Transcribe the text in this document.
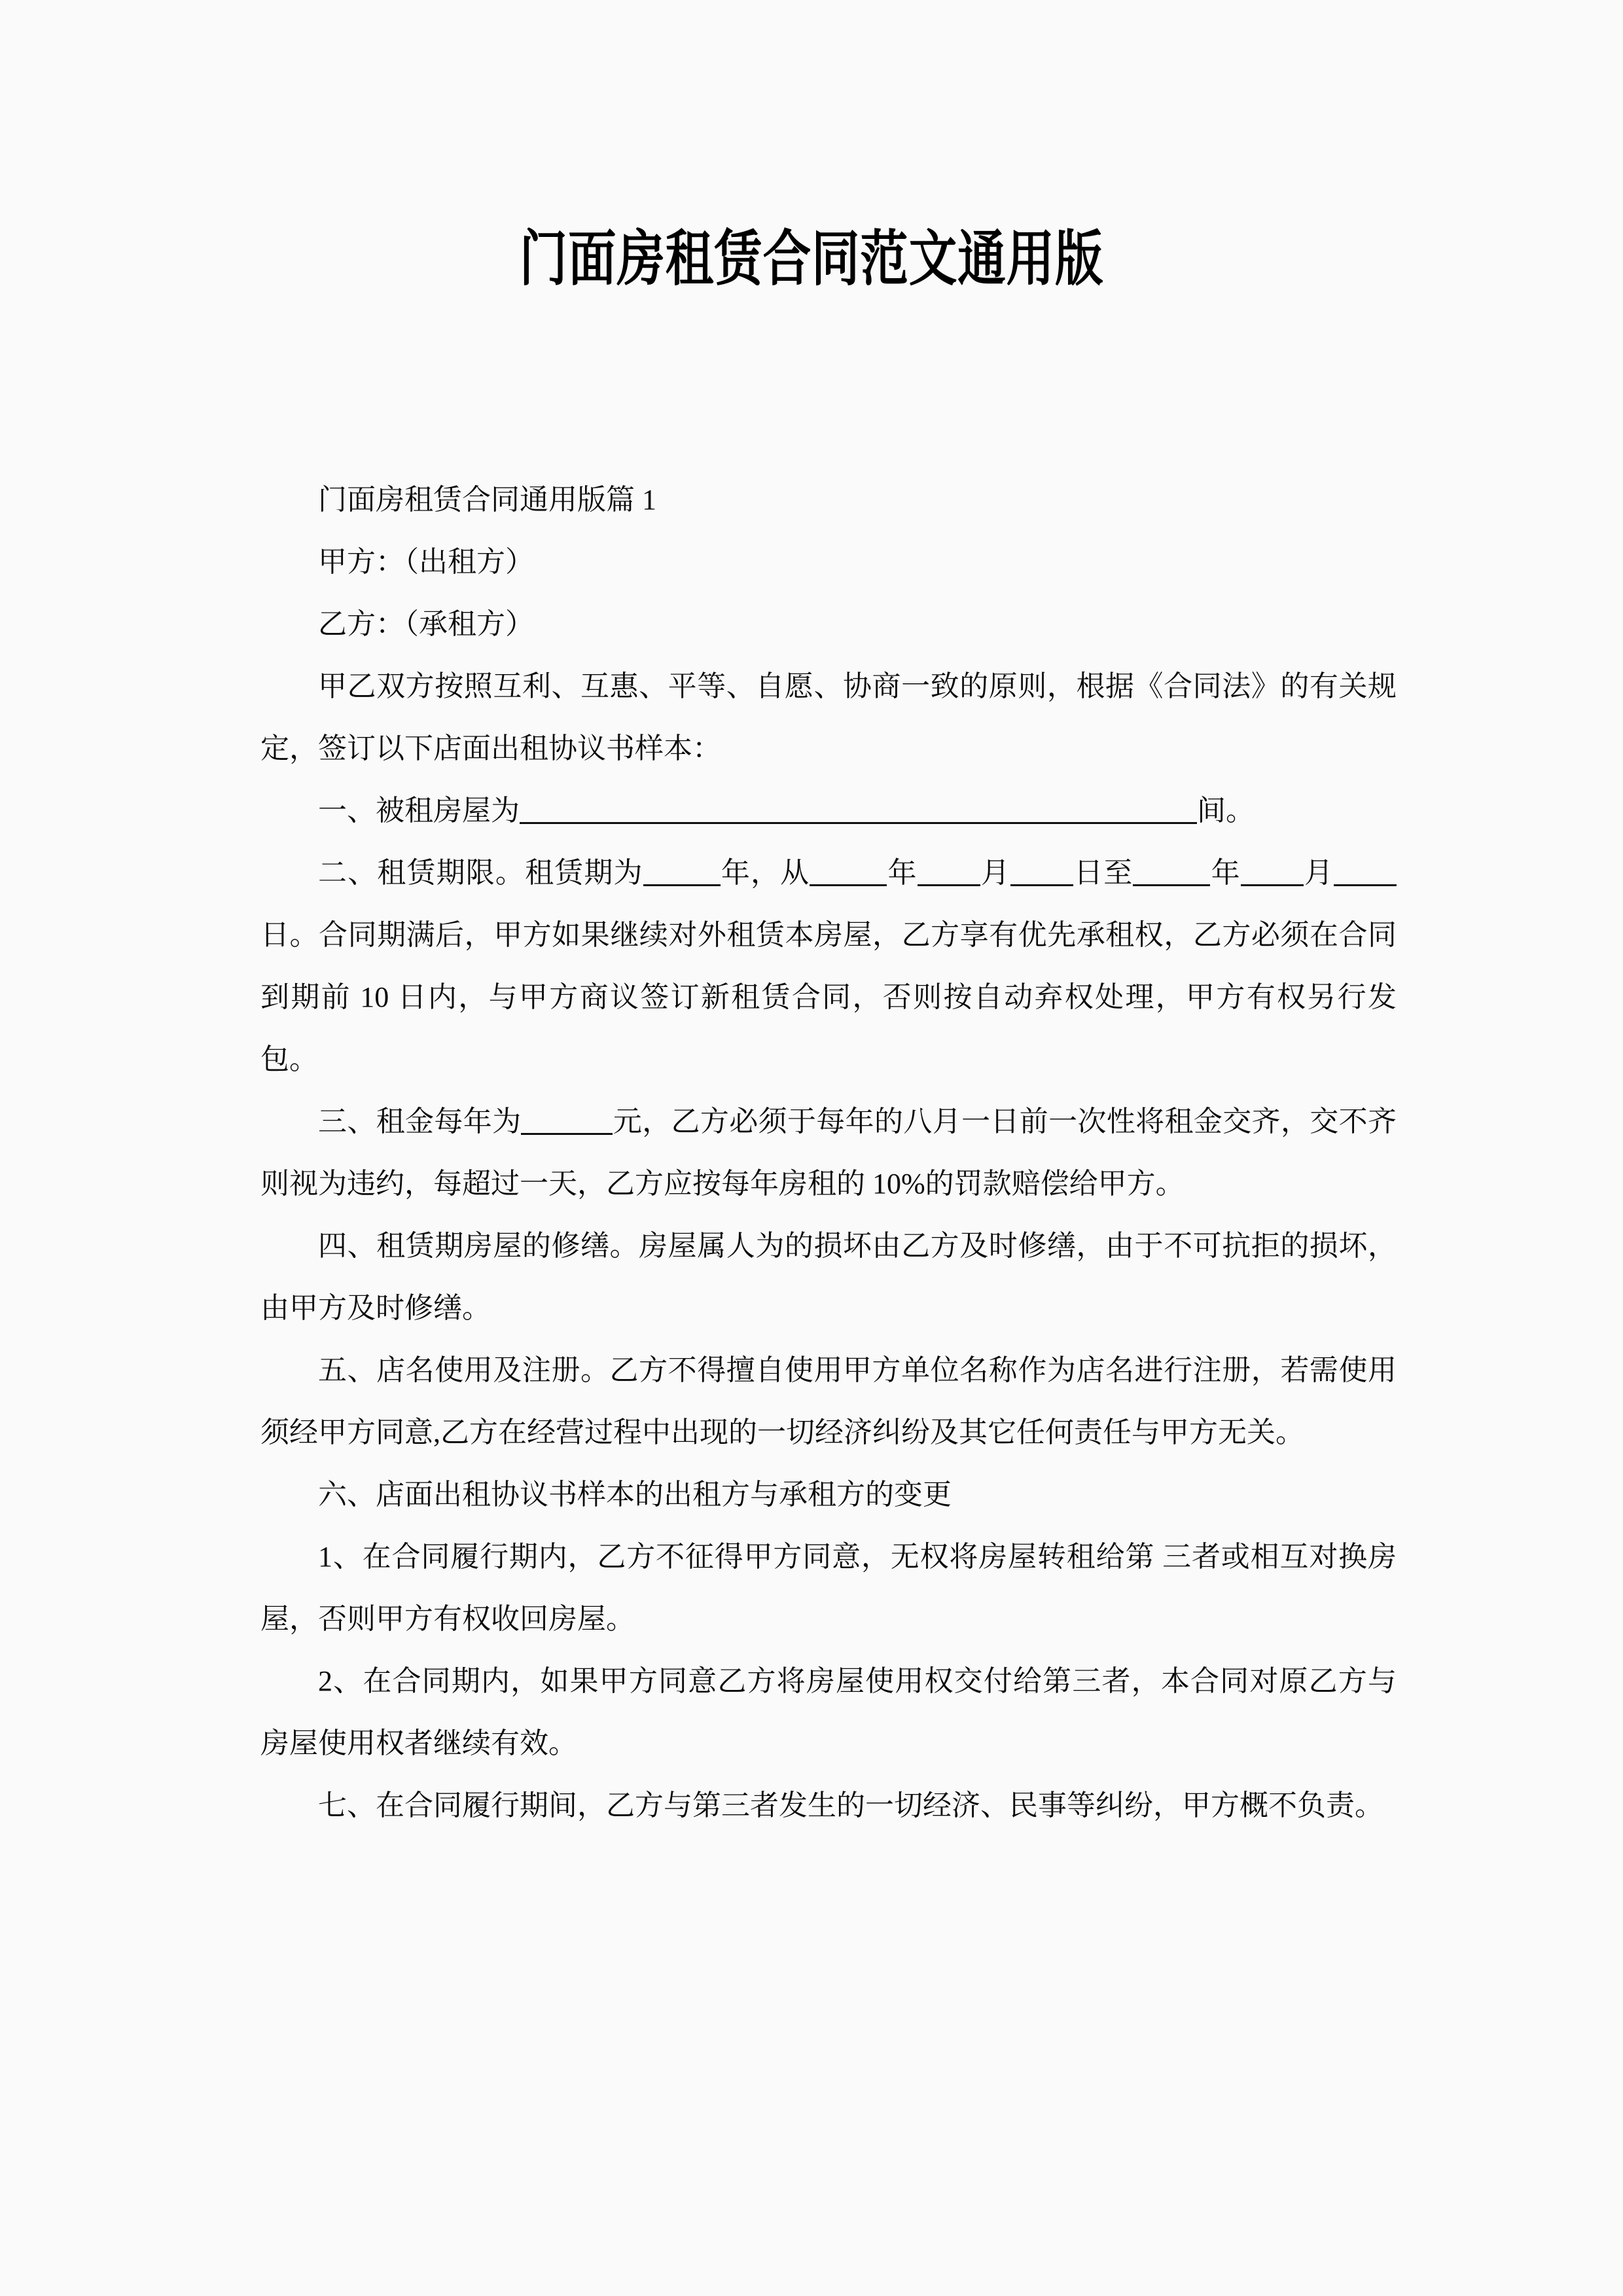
门面房租赁合同范文通用版

门面房租赁合同通用版篇 1

甲方：（出租方）

乙方：（承租方）

甲乙双方按照互利、互惠、平等、自愿、协商一致的原则，根据《合同法》的有关规定，签订以下店面出租协议书样本：

一、被租房屋为	间。

二、租赁期限。租赁期为	年，从	年 月 日至	年 月日。合同期满后，甲方如果继续对外租赁本房屋，乙方享有优先承租权，乙方必须在合同到期前 10 日内，与甲方商议签订新租赁合同，否则按自动弃权处理，甲方有权另行发包。

三、租金每年为	元，乙方必须于每年的八月一日前一次性将租金交齐，交不齐则视为违约，每超过一天，乙方应按每年房租的 10%的罚款赔偿给甲方。

四、租赁期房屋的修缮。房屋属人为的损坏由乙方及时修缮，由于不可抗拒的损坏，由甲方及时修缮。

五、店名使用及注册。乙方不得擅自使用甲方单位名称作为店名进行注册，若需使用须经甲方同意,乙方在经营过程中出现的一切经济纠纷及其它任何责任与甲方无关。

六、店面出租协议书样本的出租方与承租方的变更

1、在合同履行期内，乙方不征得甲方同意，无权将房屋转租给第 三者或相互对换房屋，否则甲方有权收回房屋。

2、在合同期内，如果甲方同意乙方将房屋使用权交付给第三者，本合同对原乙方与房屋使用权者继续有效。

七、在合同履行期间，乙方与第三者发生的一切经济、民事等纠纷，甲方概不负责。
